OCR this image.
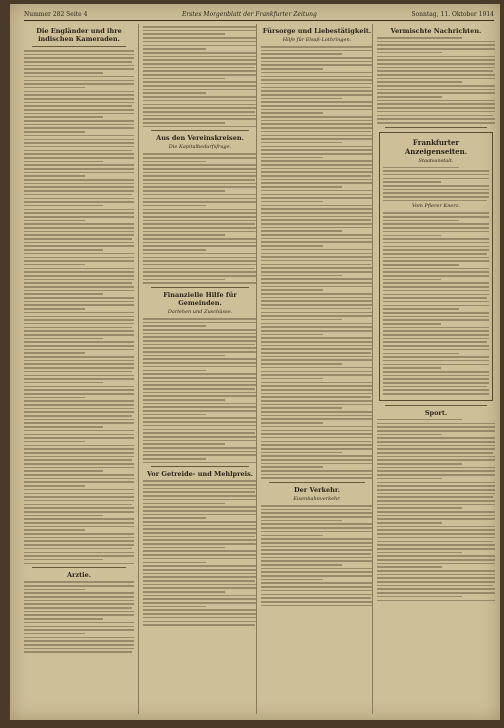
Nummer 282 Seite 4	Erstes Morgenblatt der Frankfurter Zeitung	Sonntag, 11. Oktober 1914
Die Engländer und ihre indischen Kameraden.
Arztie.
Aus den Vereinskreisen.
Die Kapitalbedarfsfrage.
Finanzielle Hilfe für Gemeinden.
Darlehen und Zuschüsse.
Vor Getreide- und Mehlpreis.
Fürsorge und Liebestätigkeit.
Hilfe für Elsaß-Lothringen.
Der Verkehr.
Eisenbahnverkehr.
Vermischte Nachrichten.
Frankfurter Anzeigenseiten.
Staatsanstalt.
Vom Pflerer Knerz.
Sport.
